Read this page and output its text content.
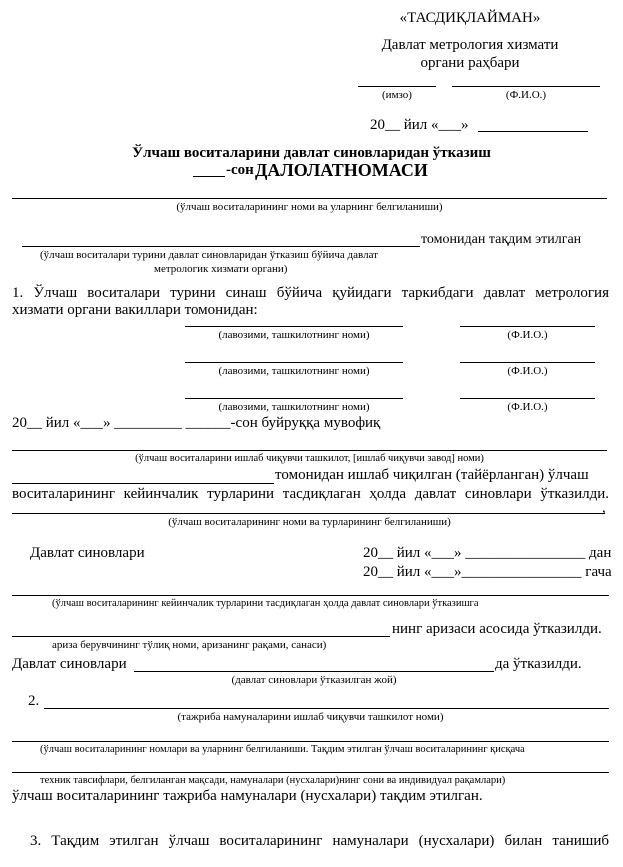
«ТАСДИҚЛАЙМАН»
Давлат метрология хизмати
органи раҳбари
(имзо)	(Ф.И.О.)
20__ йил «___»
Ўлчаш воситаларини давлат синовларидан ўтказиш
-сон ДАЛОЛАТНОМАСИ
(ўлчаш воситаларининг номи ва уларнинг белгиланиши)
томонидан тақдим этилган
(ўлчаш воситалари турини давлат синовларидан ўтказиш бўйича давлат
метрологик хизмати органи)
1. Ўлчаш воситалари турини синаш бўйича қуйидаги таркибдаги давлат метрология
хизмати органи вакиллари томонидан:
(лавозими, ташкилотнинг номи)	(Ф.И.О.)
(лавозими, ташкилотнинг номи)	(Ф.И.О.)
(лавозими, ташкилотнинг номи)	(Ф.И.О.)
20__ йил «___» _________ ______-сон буйруққа мувофиқ
(ўлчаш воситаларини ишлаб чиқувчи ташкилот, [ишлаб чиқувчи завод] номи)
томонидан ишлаб чиқилган (тайёрланган) ўлчаш
воситаларининг кейинчалик турларини тасдиқлаган ҳолда давлат синовлари ўтказилди.
,
(ўлчаш воситаларининг номи ва турларининг белгиланиши)
Давлат синовлари	20__ йил «___» ________________ дан
20__ йил «___»________________ гача
(ўлчаш воситаларининг кейинчалик турларини тасдиқлаган ҳолда давлат синовлари ўтказишга
нинг аризаси асосида ўтказилди.
ариза берувчининг тўлиқ номи, аризанинг рақами, санаси)
Давлат синовлари	да ўтказилди.
(давлат синовлари ўтказилган жой)
2.
(тажриба намуналарини ишлаб чиқувчи ташкилот номи)
(ўлчаш воситаларининг номлари ва уларнинг белгиланиши. Тақдим этилган ўлчаш воситаларининг қисқача
техник тавсифлари, белгиланган мақсади, намуналари (нусхалари)нинг сони ва индивидуал рақамлари)
ўлчаш воситаларининг тажриба намуналари (нусхалари) тақдим этилган.
3. Тақдим этилган ўлчаш воситаларининг намуналари (нусхалари) билан танишиб
